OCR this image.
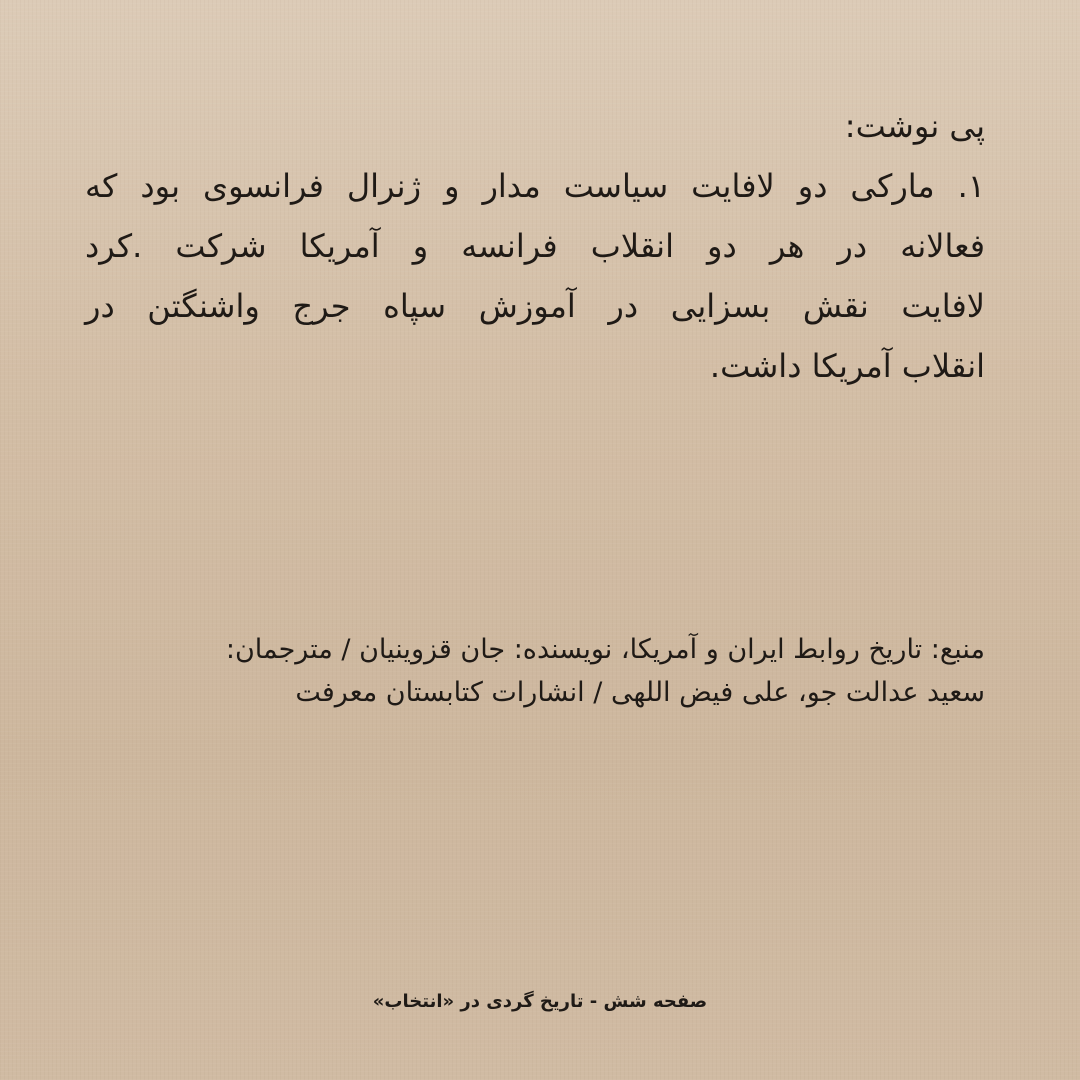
پی نوشت:
۱. مارکی دو لافایت سیاست مدار و ژنرال فرانسوی بود که
فعالانه در هر دو انقلاب فرانسه و آمریکا شرکت .کرد
لافایت نقش بسزایی در آموزش سپاه جرج واشنگتن در
انقلاب آمریکا داشت.
منبع: تاریخ روابط ایران و آمریکا، نویسنده: جان قزوینیان / مترجمان:
سعید عدالت جو، علی فیض اللهی / انشارات کتابستان معرفت
صفحه شش - تاریخ گردی در «انتخاب»
